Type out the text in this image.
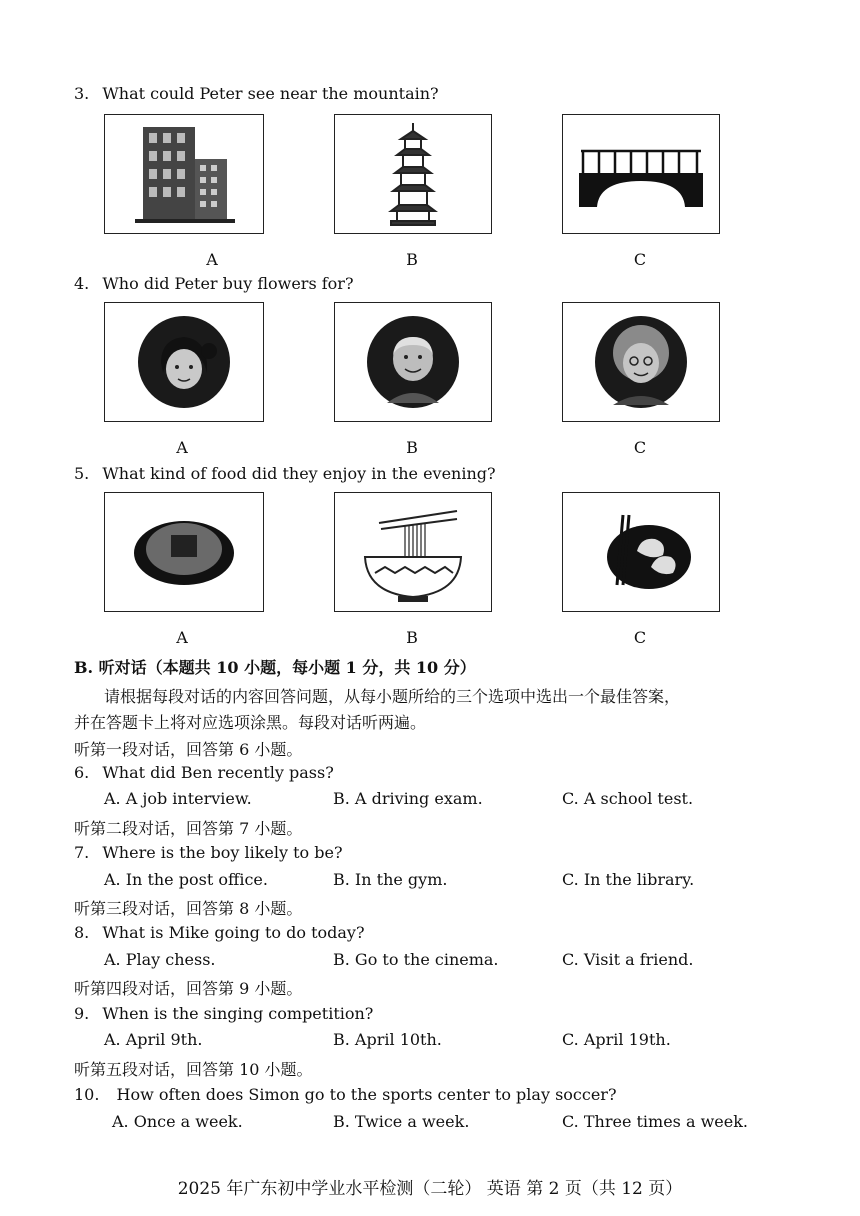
3. What could Peter see near the mountain?
A	B	C
4. Who did Peter buy flowers for?
A	B	C
5. What kind of food did they enjoy in the evening?
A	B	C
B. 听对话（本题共 10 小题，每小题 1 分，共 10 分）
请根据每段对话的内容回答问题，从每小题所给的三个选项中选出一个最佳答案，
并在答题卡上将对应选项涂黑。每段对话听两遍。
听第一段对话，回答第 6 小题。
6. What did Ben recently pass?
A. A job interview.	B. A driving exam.	C. A school test.
听第二段对话，回答第 7 小题。
7. Where is the boy likely to be?
A. In the post office.	B. In the gym.	C. In the library.
听第三段对话，回答第 8 小题。
8. What is Mike going to do today?
A. Play chess.	B. Go to the cinema.	C. Visit a friend.
听第四段对话，回答第 9 小题。
9. When is the singing competition?
A. April 9th.	B. April 10th.	C. April 19th.
听第五段对话，回答第 10 小题。
10. How often does Simon go to the sports center to play soccer?
A. Once a week.	B. Twice a week.	C. Three times a week.
2025 年广东初中学业水平检测（二轮） 英语 第 2 页（共 12 页）
